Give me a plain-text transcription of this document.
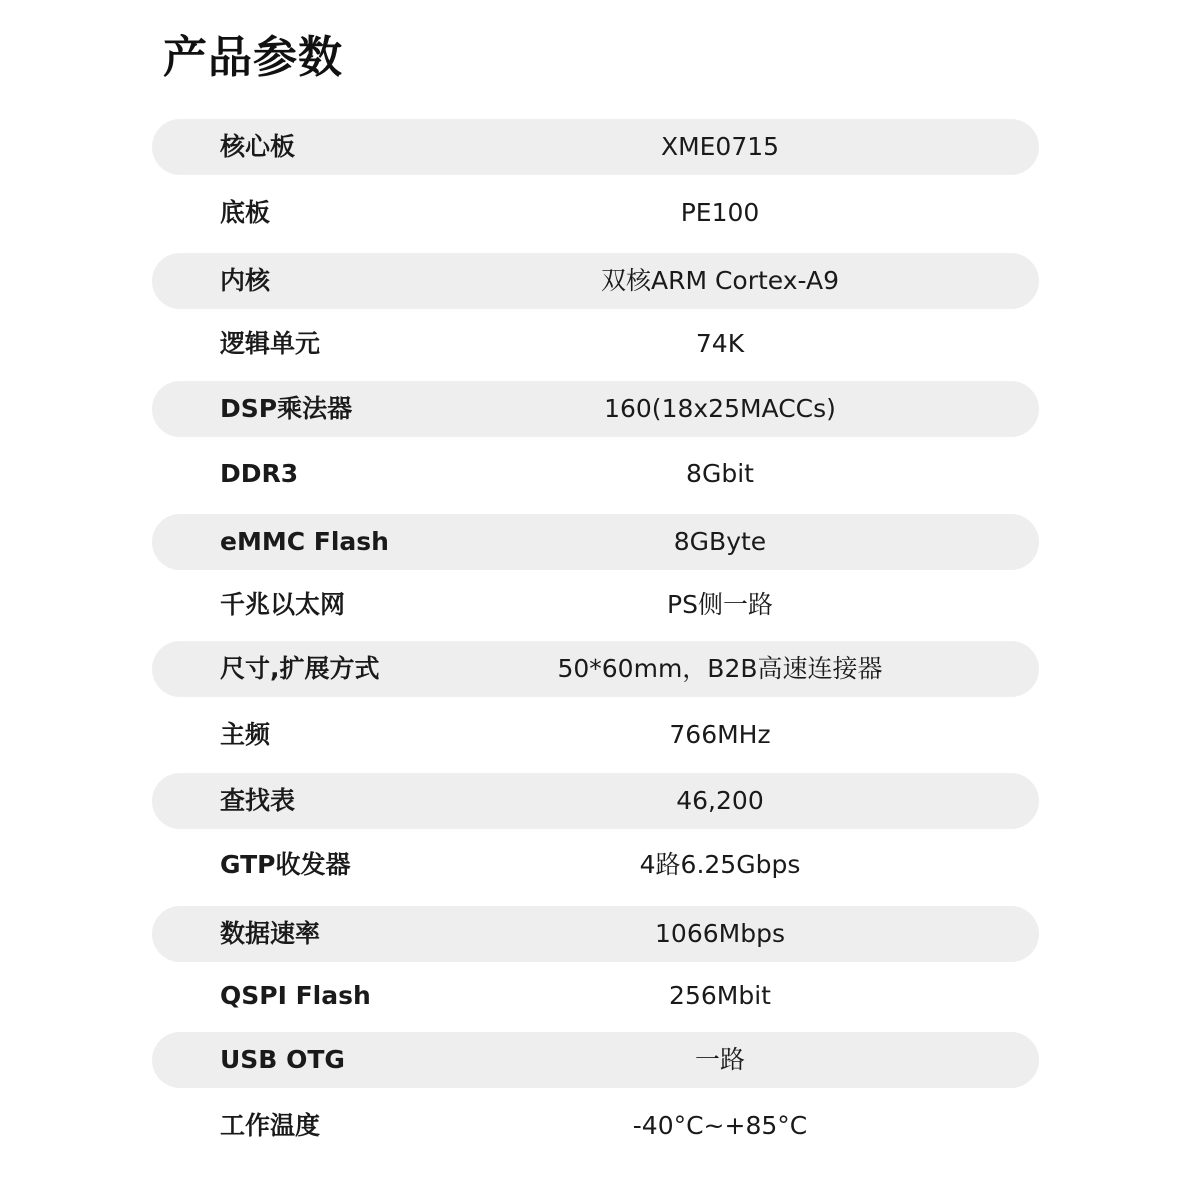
产品参数
核心板	XME0715
底板	PE100
内核	双核ARM Cortex-A9
逻辑单元	74K
DSP乘法器	160(18x25MACCs)
DDR3	8Gbit
eMMC Flash	8GByte
千兆以太网	PS侧一路
尺寸,扩展方式	50*60mm，B2B高速连接器
主频	766MHz
查找表	46,200
GTP收发器	4路6.25Gbps
数据速率	1066Mbps
QSPI Flash	256Mbit
USB OTG	一路
工作温度	-40°C~+85°C
